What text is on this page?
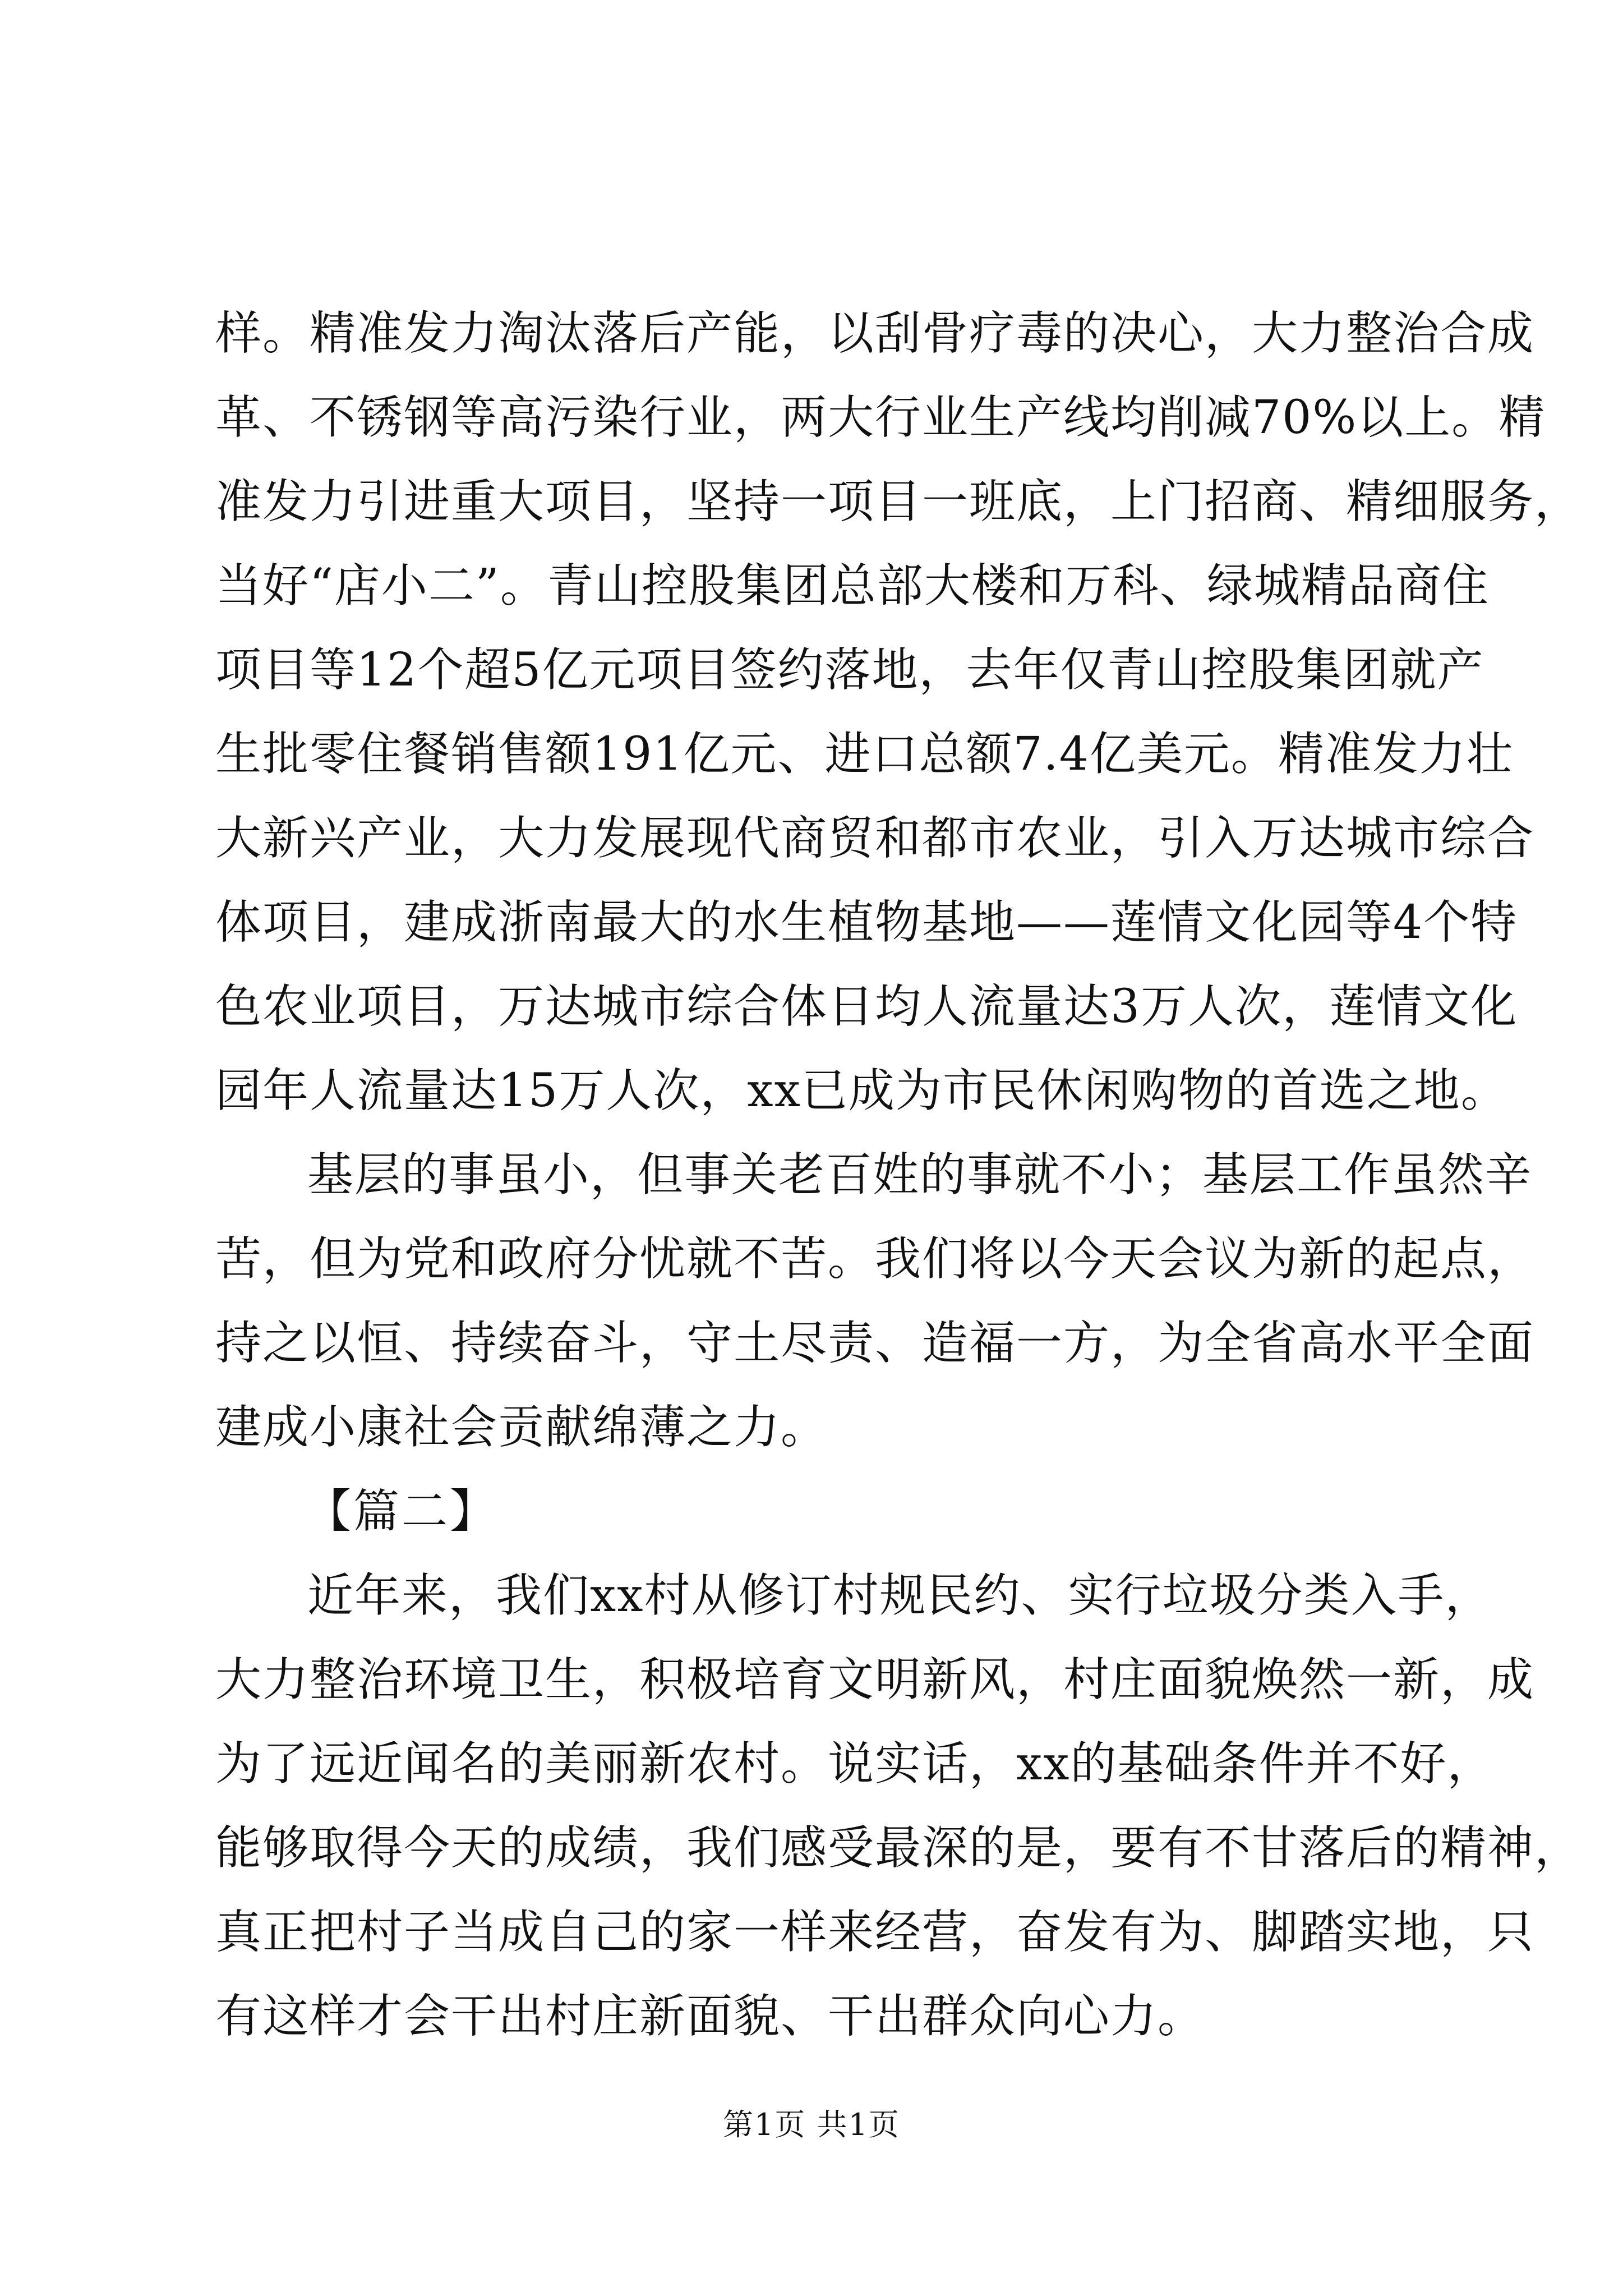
样。精准发力淘汰落后产能，以刮骨疗毒的决心，大力整治合成
革、不锈钢等高污染行业，两大行业生产线均削减70%以上。精
准发力引进重大项目，坚持一项目一班底，上门招商、精细服务，
当好“店小二”。青山控股集团总部大楼和万科、绿城精品商住
项目等12个超5亿元项目签约落地，去年仅青山控股集团就产
生批零住餐销售额191亿元、进口总额7.4亿美元。精准发力壮
大新兴产业，大力发展现代商贸和都市农业，引入万达城市综合
体项目，建成浙南最大的水生植物基地——莲情文化园等4个特
色农业项目，万达城市综合体日均人流量达3万人次，莲情文化
园年人流量达15万人次，xx已成为市民休闲购物的首选之地。
基层的事虽小，但事关老百姓的事就不小；基层工作虽然辛
苦，但为党和政府分忧就不苦。我们将以今天会议为新的起点，
持之以恒、持续奋斗，守土尽责、造福一方，为全省高水平全面
建成小康社会贡献绵薄之力。
【篇二】
近年来，我们xx村从修订村规民约、实行垃圾分类入手，
大力整治环境卫生，积极培育文明新风，村庄面貌焕然一新，成
为了远近闻名的美丽新农村。说实话，xx的基础条件并不好，
能够取得今天的成绩，我们感受最深的是，要有不甘落后的精神，
真正把村子当成自己的家一样来经营，奋发有为、脚踏实地，只
有这样才会干出村庄新面貌、干出群众向心力。
第1页 共1页
